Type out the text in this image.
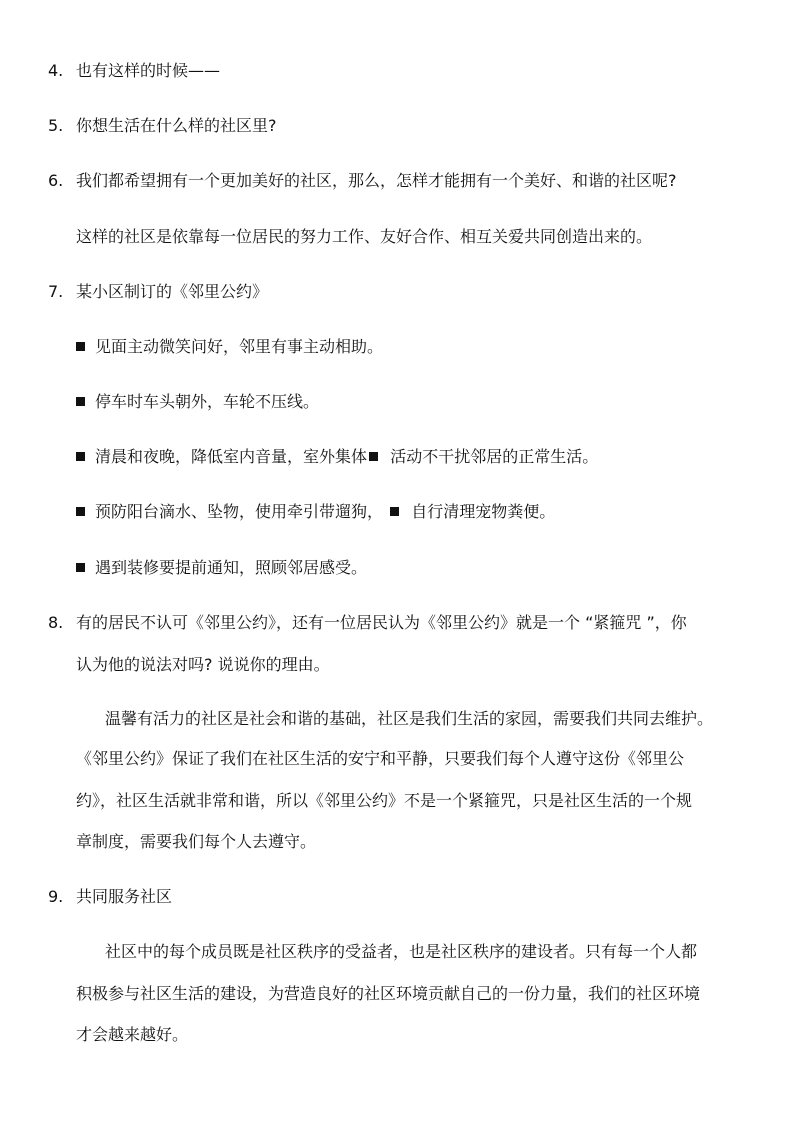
4. 也有这样的时候——
5. 你想生活在什么样的社区里?
6. 我们都希望拥有一个更加美好的社区，那么，怎样才能拥有一个美好、和谐的社区呢?
这样的社区是依靠每一位居民的努力工作、友好合作、相互关爱共同创造出来的。
7. 某小区制订的《邻里公约》
见面主动微笑问好，邻里有事主动相助。
停车时车头朝外，车轮不压线。
清晨和夜晚，降低室内音量，室外集体 活动不干扰邻居的正常生活。
预防阳台滴水、坠物，使用牵引带遛狗， 自行清理宠物粪便。
遇到装修要提前通知，照顾邻居感受。
8. 有的居民不认可《邻里公约》，还有一位居民认为《邻里公约》就是一个 “紧箍咒 ”，你
认为他的说法对吗? 说说你的理由。
温馨有活力的社区是社会和谐的基础，社区是我们生活的家园，需要我们共同去维护。
《邻里公约》保证了我们在社区生活的安宁和平静，只要我们每个人遵守这份《邻里公
约》，社区生活就非常和谐，所以《邻里公约》不是一个紧箍咒，只是社区生活的一个规
章制度，需要我们每个人去遵守。
9. 共同服务社区
社区中的每个成员既是社区秩序的受益者，也是社区秩序的建设者。只有每一个人都
积极参与社区生活的建设，为营造良好的社区环境贡献自己的一份力量，我们的社区环境
才会越来越好。
